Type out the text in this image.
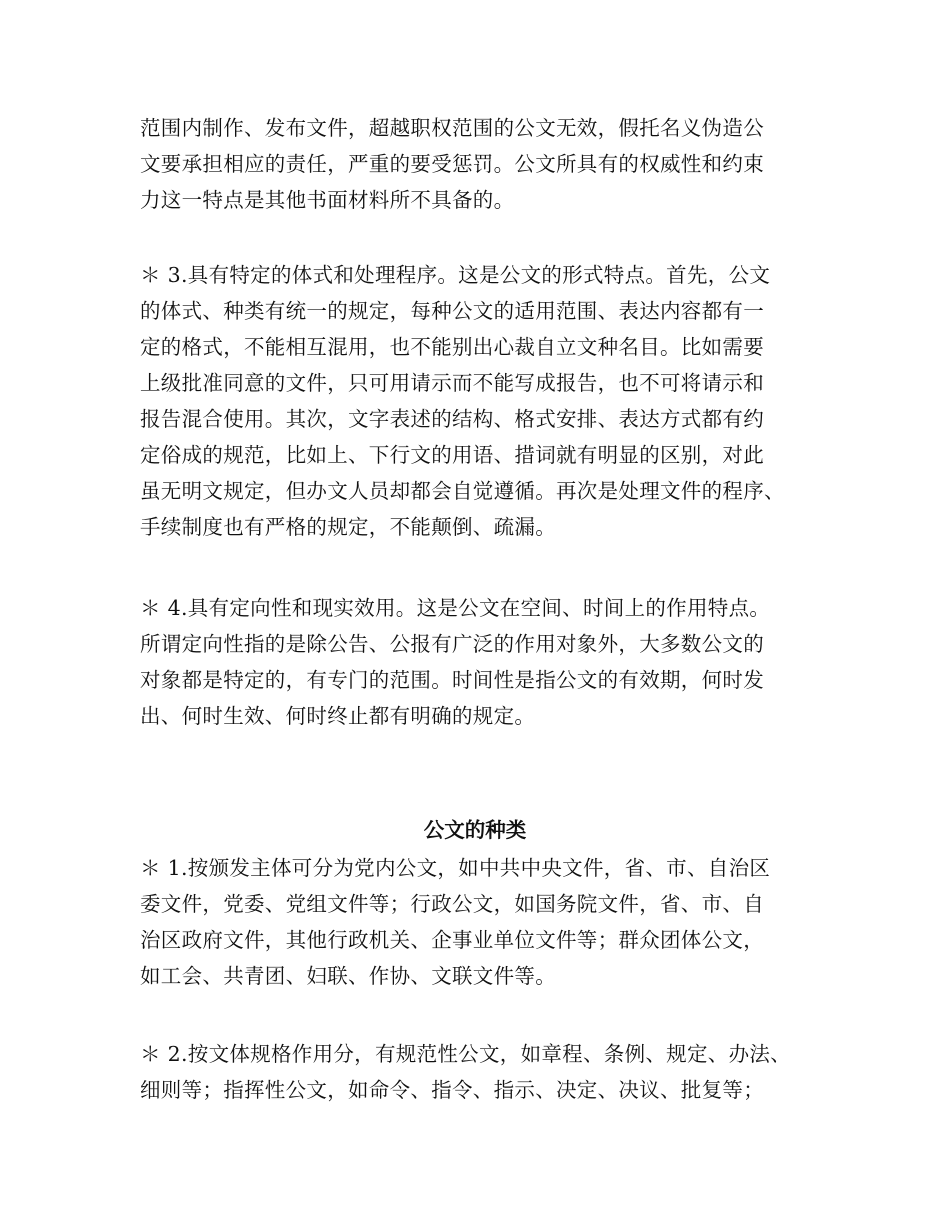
范围内制作、发布文件，超越职权范围的公文无效，假托名义伪造公
文要承担相应的责任，严重的要受惩罚。公文所具有的权威性和约束
力这一特点是其他书面材料所不具备的。
＊ 3.具有特定的体式和处理程序。这是公文的形式特点。首先，公文
的体式、种类有统一的规定，每种公文的适用范围、表达内容都有一
定的格式，不能相互混用，也不能别出心裁自立文种名目。比如需要
上级批准同意的文件，只可用请示而不能写成报告，也不可将请示和
报告混合使用。其次，文字表述的结构、格式安排、表达方式都有约
定俗成的规范，比如上、下行文的用语、措词就有明显的区别，对此
虽无明文规定，但办文人员却都会自觉遵循。再次是处理文件的程序、
手续制度也有严格的规定，不能颠倒、疏漏。
＊ 4.具有定向性和现实效用。这是公文在空间、时间上的作用特点。
所谓定向性指的是除公告、公报有广泛的作用对象外，大多数公文的
对象都是特定的，有专门的范围。时间性是指公文的有效期，何时发
出、何时生效、何时终止都有明确的规定。
公文的种类
＊ 1.按颁发主体可分为党内公文，如中共中央文件，省、市、自治区
委文件，党委、党组文件等；行政公文，如国务院文件，省、市、自
治区政府文件，其他行政机关、企事业单位文件等；群众团体公文，
如工会、共青团、妇联、作协、文联文件等。
＊ 2.按文体规格作用分，有规范性公文，如章程、条例、规定、办法、
细则等；指挥性公文，如命令、指令、指示、决定、决议、批复等；
